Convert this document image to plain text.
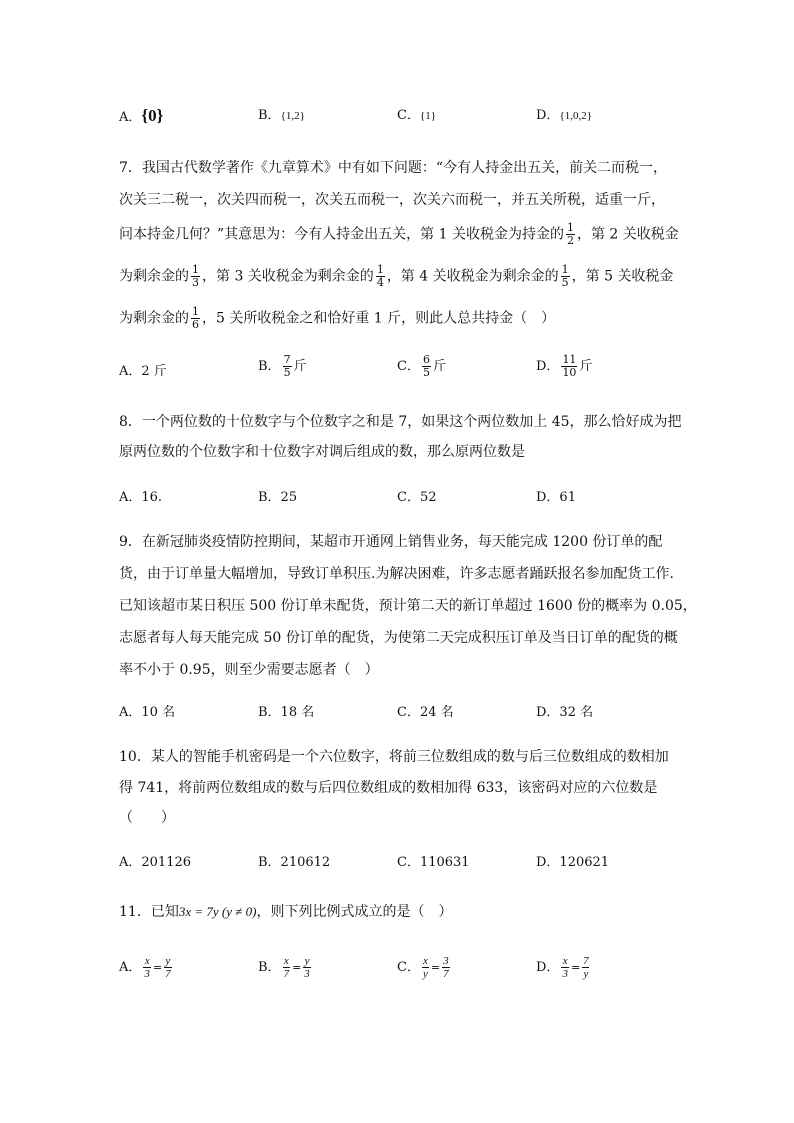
A．{0}	B．{1,2}	C．{1}	D．{1,0,2}
7．我国古代数学著作《九章算术》中有如下问题：“今有人持金出五关，前关二而税一，
次关三二税一，次关四而税一，次关五而税一，次关六而税一，并五关所税，适重一斤，
问本持金几何？”其意思为：今有人持金出五关，第 1 关收税金为持金的 $\frac{1}{2}$ ，第 2 关收税金
为剩余金的 $\frac{1}{3}$ ，第 3 关收税金为剩余金的 $\frac{1}{4}$ ，第 4 关收税金为剩余金的 $\frac{1}{5}$ ，第 5 关收税金
为剩余金的 $\frac{1}{6}$ ，5 关所收税金之和恰好重 1 斤，则此人总共持金（　）
A．2 斤	B． $\frac{7}{5}$ 斤	C． $\frac{6}{5}$ 斤	D． $\frac{11}{10}$ 斤
8．一个两位数的十位数字与个位数字之和是 7，如果这个两位数加上 45，那么恰好成为把
原两位数的个位数字和十位数字对调后组成的数，那么原两位数是
A．16.	B．25	C．52	D．61
9．在新冠肺炎疫情防控期间，某超市开通网上销售业务，每天能完成 1200 份订单的配
货，由于订单量大幅增加，导致订单积压.为解决困难，许多志愿者踊跃报名参加配货工作.
已知该超市某日积压 500 份订单未配货，预计第二天的新订单超过 1600 份的概率为 0.05，
志愿者每人每天能完成 50 份订单的配货，为使第二天完成积压订单及当日订单的配货的概
率不小于 0.95，则至少需要志愿者（　）
A．10 名	B．18 名	C．24 名	D．32 名
10．某人的智能手机密码是一个六位数字，将前三位数组成的数与后三位数组成的数相加
得 741，将前两位数组成的数与后四位数组成的数相加得 633，该密码对应的六位数是
（　　）
A．201126	B．210612	C．110631	D．120621
11．已知3x = 7y (y ≠ 0)，则下列比例式成立的是（　）
A． $\frac{x}{3} = \frac{y}{7}$	B． $\frac{x}{7} = \frac{y}{3}$	C． $\frac{x}{y} = \frac{3}{7}$	D． $\frac{x}{3} = \frac{7}{y}$
